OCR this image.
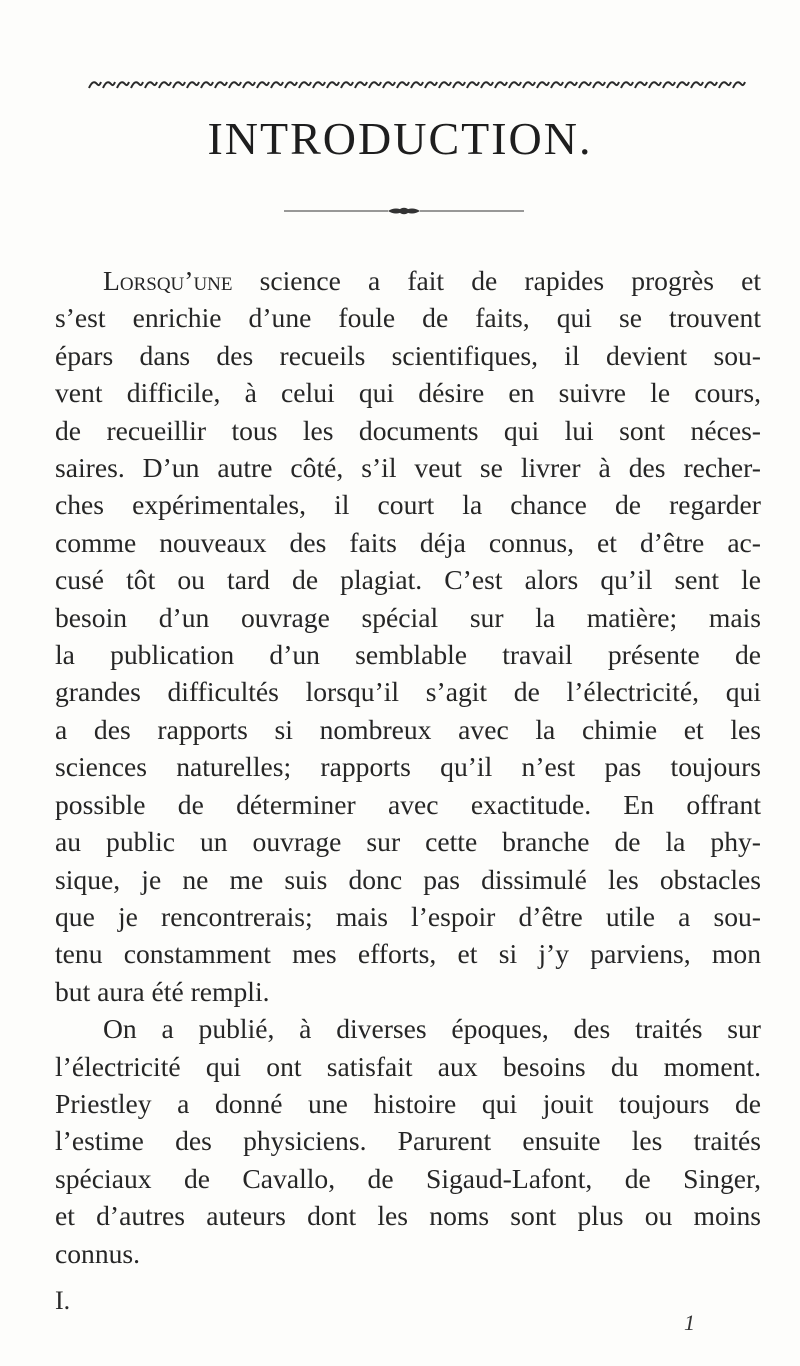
INTRODUCTION.
Lorsqu’une science a fait de rapides progrès et
s’est enrichie d’une foule de faits, qui se trouvent
épars dans des recueils scientifiques, il devient sou-
vent difficile, à celui qui désire en suivre le cours,
de recueillir tous les documents qui lui sont néces-
saires. D’un autre côté, s’il veut se livrer à des recher-
ches expérimentales, il court la chance de regarder
comme nouveaux des faits déja connus, et d’être ac-
cusé tôt ou tard de plagiat. C’est alors qu’il sent le
besoin d’un ouvrage spécial sur la matière; mais
la publication d’un semblable travail présente de
grandes difficultés lorsqu’il s’agit de l’électricité, qui
a des rapports si nombreux avec la chimie et les
sciences naturelles; rapports qu’il n’est pas toujours
possible de déterminer avec exactitude. En offrant
au public un ouvrage sur cette branche de la phy-
sique, je ne me suis donc pas dissimulé les obstacles
que je rencontrerais; mais l’espoir d’être utile a sou-
tenu constamment mes efforts, et si j’y parviens, mon
but aura été rempli.
On a publié, à diverses époques, des traités sur
l’électricité qui ont satisfait aux besoins du moment.
Priestley a donné une histoire qui jouit toujours de
l’estime des physiciens. Parurent ensuite les traités
spéciaux de Cavallo, de Sigaud-Lafont, de Singer,
et d’autres auteurs dont les noms sont plus ou moins
connus.
I.
1
